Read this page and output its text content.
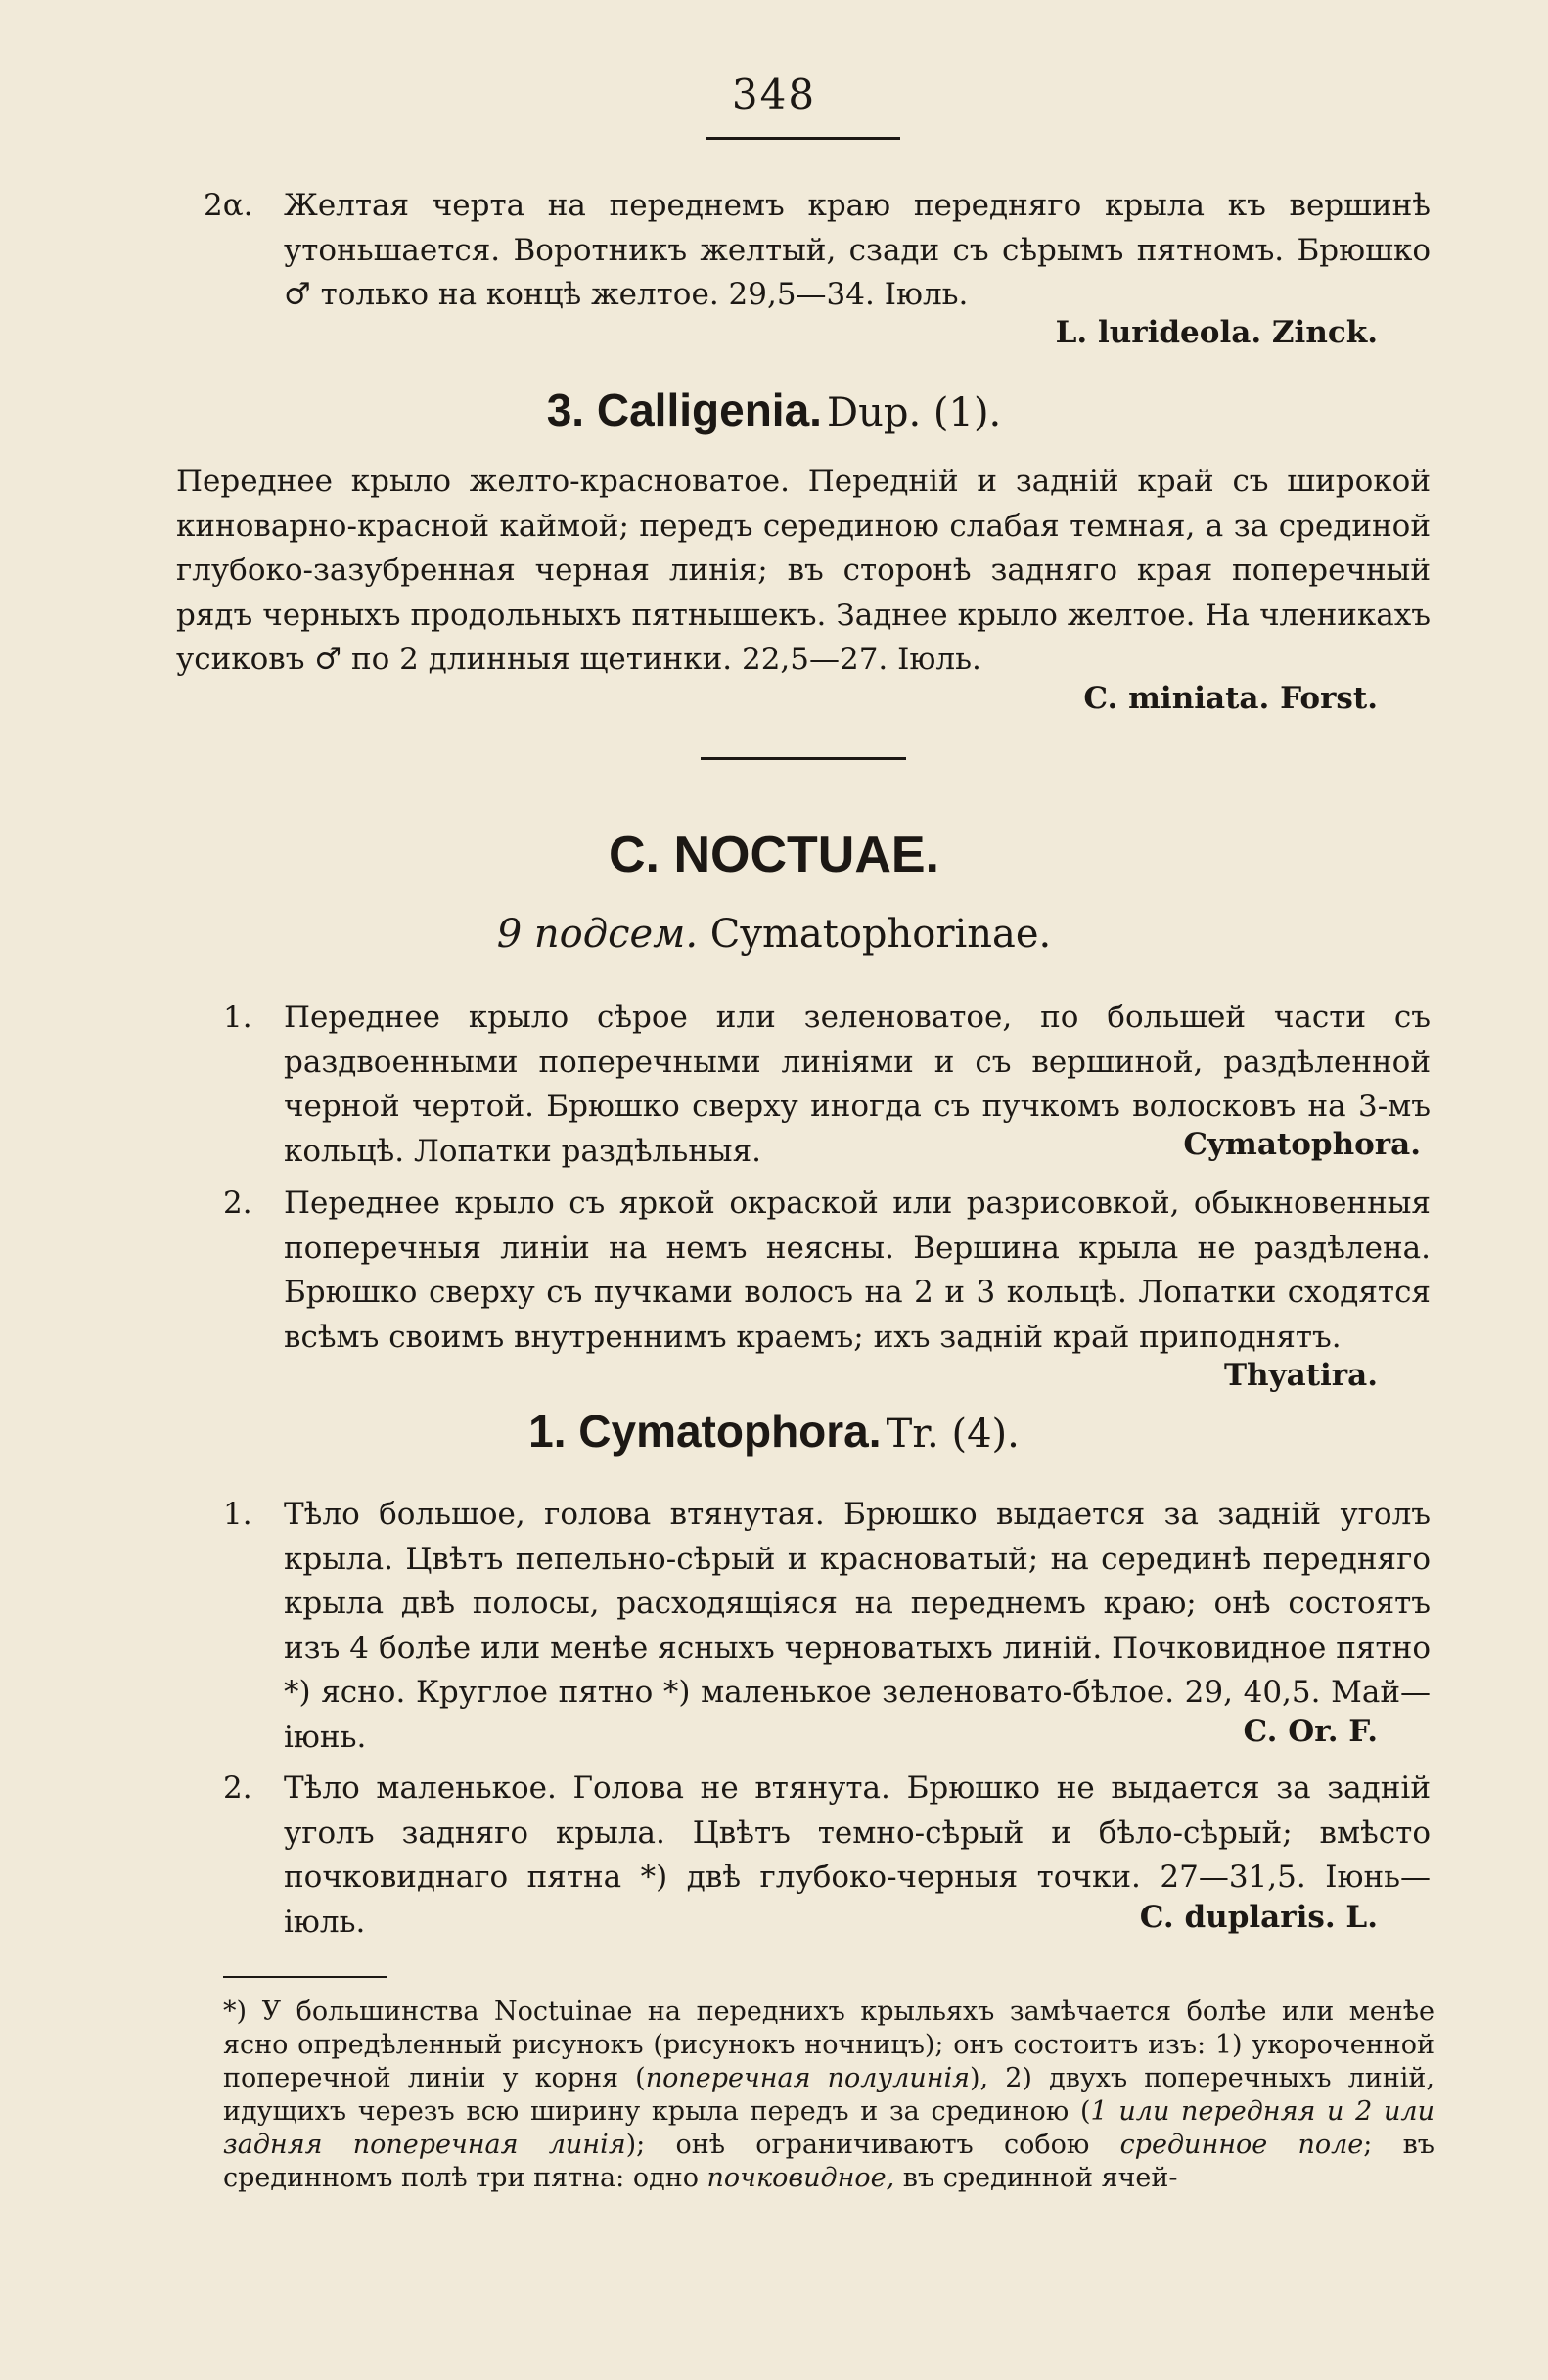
348
2α. Желтая черта на переднемъ краю передняго крыла къ вершинѣ утоньшается. Воротникъ желтый, сзади съ сѣрымъ пятномъ. Брюшко ♂ только на концѣ желтое. 29,5—34. Іюль.
L. lurideola. Zinck.
3. Calligenia. Dup. (1).
Переднее крыло желто-красноватое. Передній и задній край съ широкой киноварно-красной каймой; передъ серединою слабая темная, а за срединой глубоко-зазубренная черная линія; въ сторонѣ задняго края поперечный рядъ черныхъ продольныхъ пятнышекъ. Заднее крыло желтое. На членикахъ усиковъ ♂ по 2 длинныя щетинки. 22,5—27. Іюль.
C. miniata. Forst.
C. NOCTUAE.
9 подсем. Cymatophorinae.
1. Переднее крыло сѣрое или зеленоватое, по большей части съ раздвоенными поперечными линіями и съ вершиной, раздѣленной черной чертой. Брюшко сверху иногда съ пучкомъ волосковъ на 3-мъ кольцѣ. Лопатки раздѣльныя.	Cymatophora.
2. Переднее крыло съ яркой окраской или разрисовкой, обыкновенныя поперечныя линіи на немъ неясны. Вершина крыла не раздѣлена. Брюшко сверху съ пучками волосъ на 2 и 3 кольцѣ. Лопатки сходятся всѣмъ своимъ внутреннимъ краемъ; ихъ задній край приподнятъ.
Thyatira.
1. Cymatophora. Tr. (4).
1. Тѣло большое, голова втянутая. Брюшко выдается за задній уголъ крыла. Цвѣтъ пепельно-сѣрый и красноватый; на серединѣ передняго крыла двѣ полосы, расходящіяся на переднемъ краю; онѣ состоятъ изъ 4 болѣе или менѣе ясныхъ черноватыхъ линій. Почковидное пятно *) ясно. Круглое пятно *) маленькое зеленовато-бѣлое. 29, 40,5. Май—іюнь.	C. Or. F.
2. Тѣло маленькое. Голова не втянута. Брюшко не выдается за задній уголъ задняго крыла. Цвѣтъ темно-сѣрый и бѣло-сѣрый; вмѣсто почковиднаго пятна *) двѣ глубоко-черныя точки. 27—31,5. Іюнь—іюль.	C. duplaris. L.
*) У большинства Noctuinae на переднихъ крыльяхъ замѣчается болѣе или менѣе ясно опредѣленный рисунокъ (рисунокъ ночницъ); онъ состоитъ изъ: 1) укороченной поперечной линіи у корня (поперечная полулинія), 2) двухъ поперечныхъ линій, идущихъ черезъ всю ширину крыла передъ и за срединою (1 или передняя и 2 или задняя поперечная линія); онѣ ограничиваютъ собою срединное поле; въ срединномъ полѣ три пятна: одно почковидное, въ срединной ячей-
